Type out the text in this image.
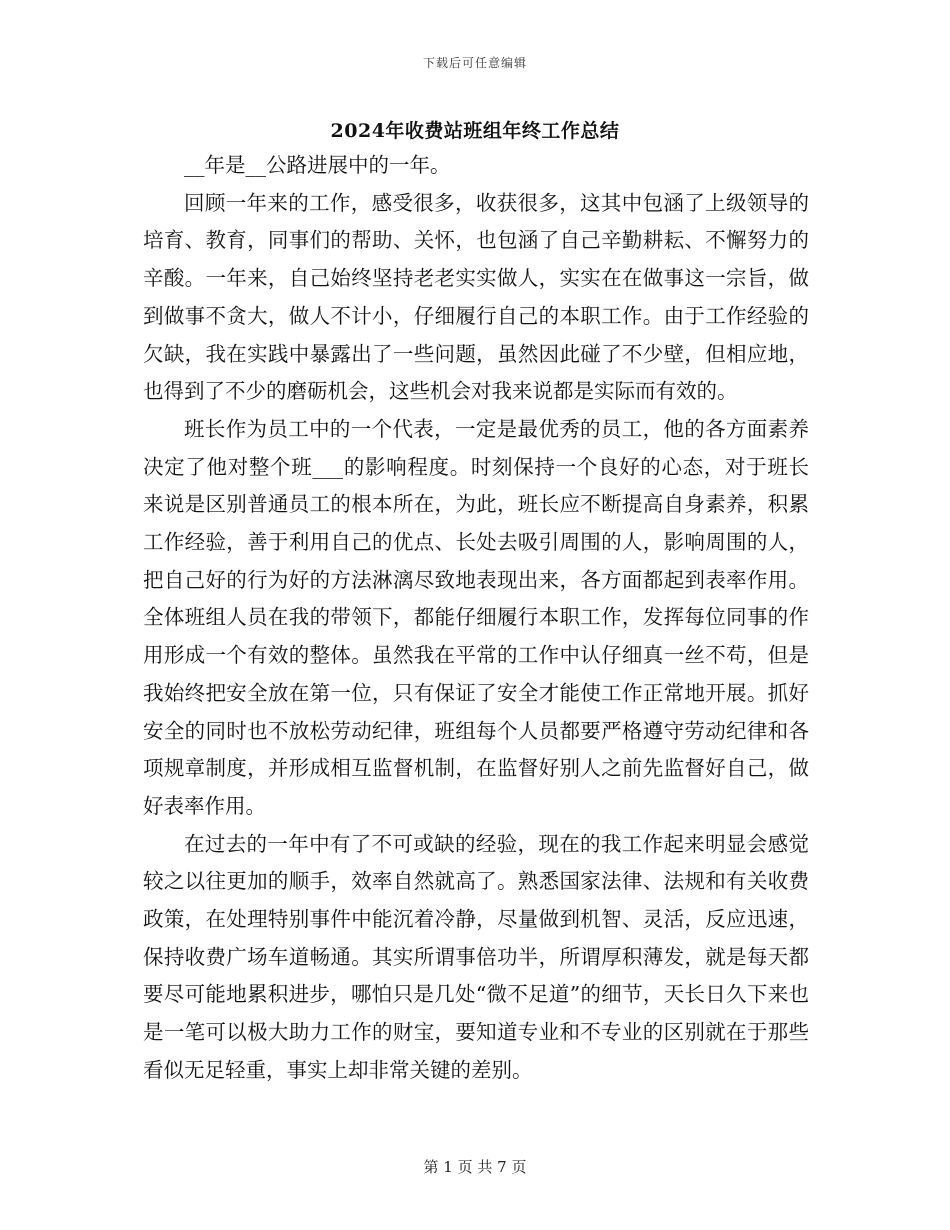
下载后可任意编辑
2024年收费站班组年终工作总结

__年是__公路进展中的一年。

回顾一年来的工作，感受很多，收获很多，这其中包涵了上级领导的培育、教育，同事们的帮助、关怀，也包涵了自己辛勤耕耘、不懈努力的辛酸。一年来，自己始终坚持老老实实做人，实实在在做事这一宗旨，做到做事不贪大，做人不计小，仔细履行自己的本职工作。由于工作经验的欠缺，我在实践中暴露出了一些问题，虽然因此碰了不少壁，但相应地，也得到了不少的磨砺机会，这些机会对我来说都是实际而有效的。

班长作为员工中的一个代表，一定是最优秀的员工，他的各方面素养决定了他对整个班___的影响程度。时刻保持一个良好的心态，对于班长来说是区别普通员工的根本所在，为此，班长应不断提高自身素养，积累工作经验，善于利用自己的优点、长处去吸引周围的人，影响周围的人，把自己好的行为好的方法淋漓尽致地表现出来，各方面都起到表率作用。全体班组人员在我的带领下，都能仔细履行本职工作，发挥每位同事的作用形成一个有效的整体。虽然我在平常的工作中认仔细真一丝不苟，但是我始终把安全放在第一位，只有保证了安全才能使工作正常地开展。抓好安全的同时也不放松劳动纪律，班组每个人员都要严格遵守劳动纪律和各项规章制度，并形成相互监督机制，在监督好别人之前先监督好自己，做好表率作用。

在过去的一年中有了不可或缺的经验，现在的我工作起来明显会感觉较之以往更加的顺手，效率自然就高了。熟悉国家法律、法规和有关收费政策，在处理特别事件中能沉着冷静，尽量做到机智、灵活，反应迅速，保持收费广场车道畅通。其实所谓事倍功半，所谓厚积薄发，就是每天都要尽可能地累积进步，哪怕只是几处“微不足道”的细节，天长日久下来也是一笔可以极大助力工作的财宝，要知道专业和不专业的区别就在于那些看似无足轻重，事实上却非常关键的差别。

第 1 页 共 7 页
